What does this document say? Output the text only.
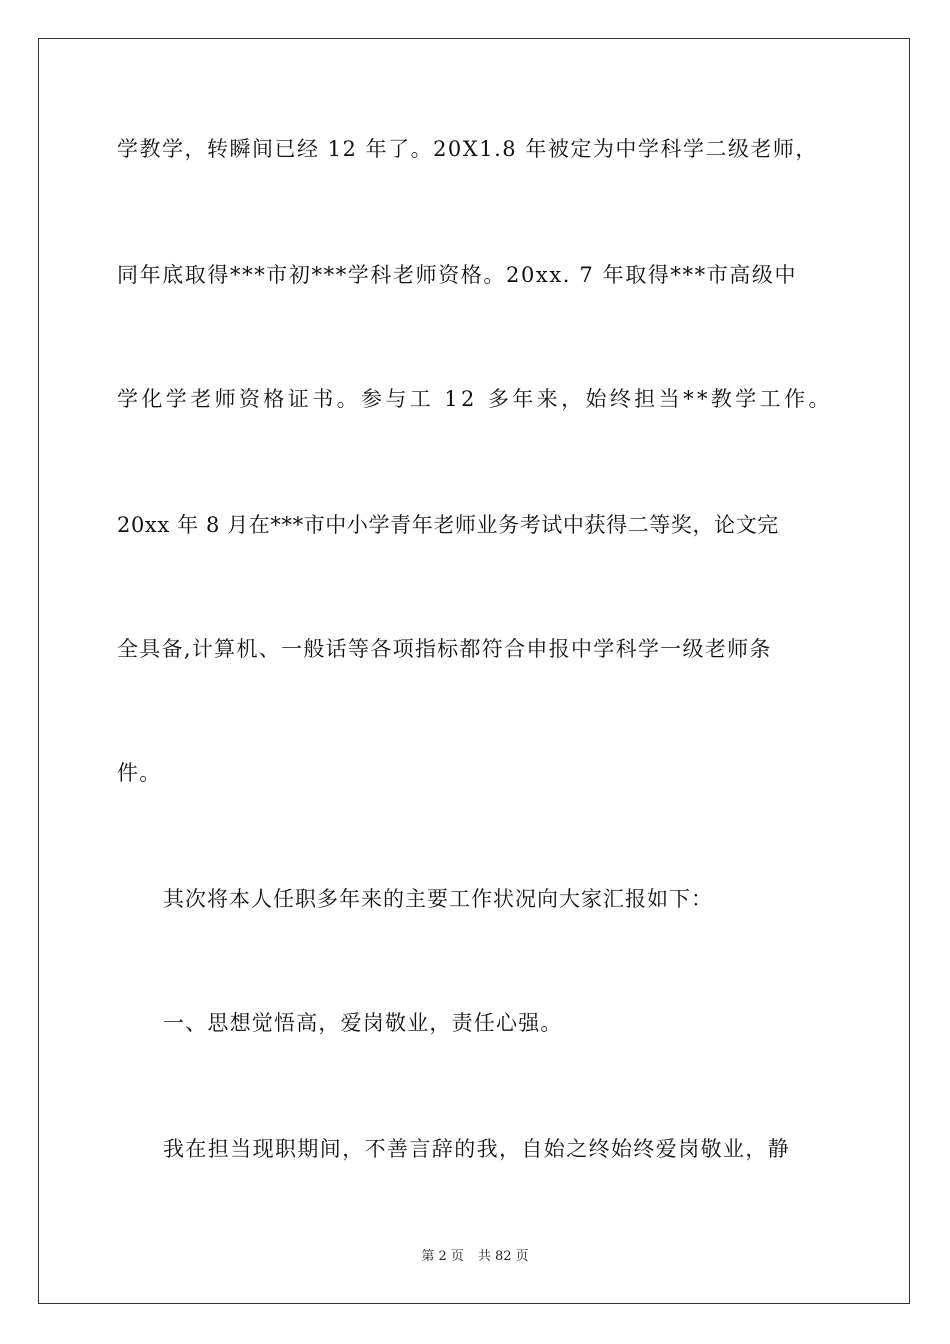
学教学，转瞬间已经 12 年了。20X1.8 年被定为中学科学二级老师，
同年底取得***市初***学科老师资格。20xx. 7 年取得***市高级中
学化学老师资格证书。参与工 12 多年来，始终担当**教学工作。
20xx 年 8 月在***市中小学青年老师业务考试中获得二等奖，论文完
全具备,计算机、一般话等各项指标都符合申报中学科学一级老师条
件。
其次将本人任职多年来的主要工作状况向大家汇报如下：
一、思想觉悟高，爱岗敬业，责任心强。
我在担当现职期间，不善言辞的我，自始之终始终爱岗敬业，静
第 2 页 共 82 页
